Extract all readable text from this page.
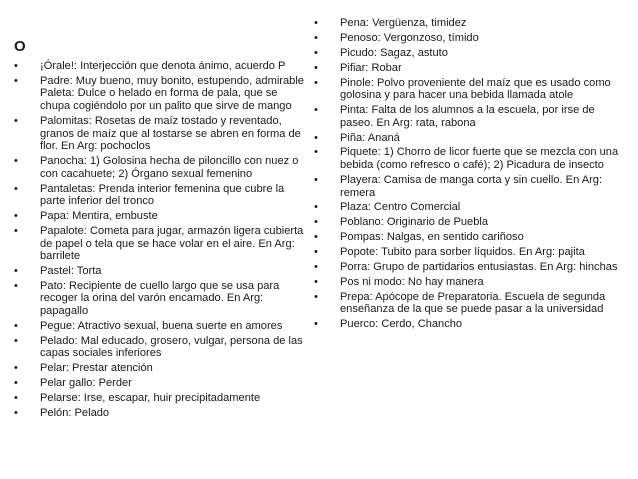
O
•	¡Órale!: Interjección que denota ánimo, acuerdo P
•	Padre: Muy bueno, muy bonito, estupendo, admirable Paleta: Dulce o helado en forma de pala, que se chupa cogiéndolo por un palito que sirve de mango
•	Palomitas: Rosetas de maíz tostado y reventado, granos de maíz que al tostarse se abren en forma de flor. En Arg: pochoclos
•	Panocha: 1) Golosina hecha de piloncillo con nuez o con cacahuete; 2) Órgano sexual femenino
•	Pantaletas: Prenda interior femenina que cubre la parte inferior del tronco
•	Papa: Mentira, embuste
•	Papalote: Cometa para jugar, armazón ligera cubierta de papel o tela que se hace volar en el aire. En Arg: barrilete
•	Pastel: Torta
•	Pato: Recipiente de cuello largo que se usa para recoger la orina del varón encamado. En Arg: papagallo
•	Pegue: Atractivo sexual, buena suerte en amores
•	Pelado: Mal educado, grosero, vulgar, persona de las capas sociales inferiores
•	Pelar: Prestar atención
•	Pelar gallo: Perder
•	Pelarse: Irse, escapar, huir precipitadamente
•	Pelón: Pelado
•	Pena: Vergüenza, timidez
•	Penoso: Vergonzoso, tímido
•	Picudo: Sagaz, astuto
•	Pifiar: Robar
•	Pinole: Polvo proveniente del maíz que es usado como golosina y para hacer una bebida llamada atole
•	Pinta: Falta de los alumnos a la escuela, por irse de paseo. En Arg: rata, rabona
•	Piña: Ananá
•	Piquete: 1) Chorro de licor fuerte que se mezcla con una bebida (como refresco o café); 2) Picadura de insecto
•	Playera: Camisa de manga corta y sin cuello. En Arg: remera
•	Plaza: Centro Comercial
•	Poblano: Originario de Puebla
•	Pompas: Nalgas, en sentido cariñoso
•	Popote: Tubito para sorber líquidos. En Arg: pajita
•	Porra: Grupo de partidarios entusiastas. En Arg: hinchas
•	Pos ni modo: No hay manera
•	Prepa: Apócope de Preparatoria. Escuela de segunda enseñanza de la que se puede pasar a la universidad
•	Puerco: Cerdo, Chancho
